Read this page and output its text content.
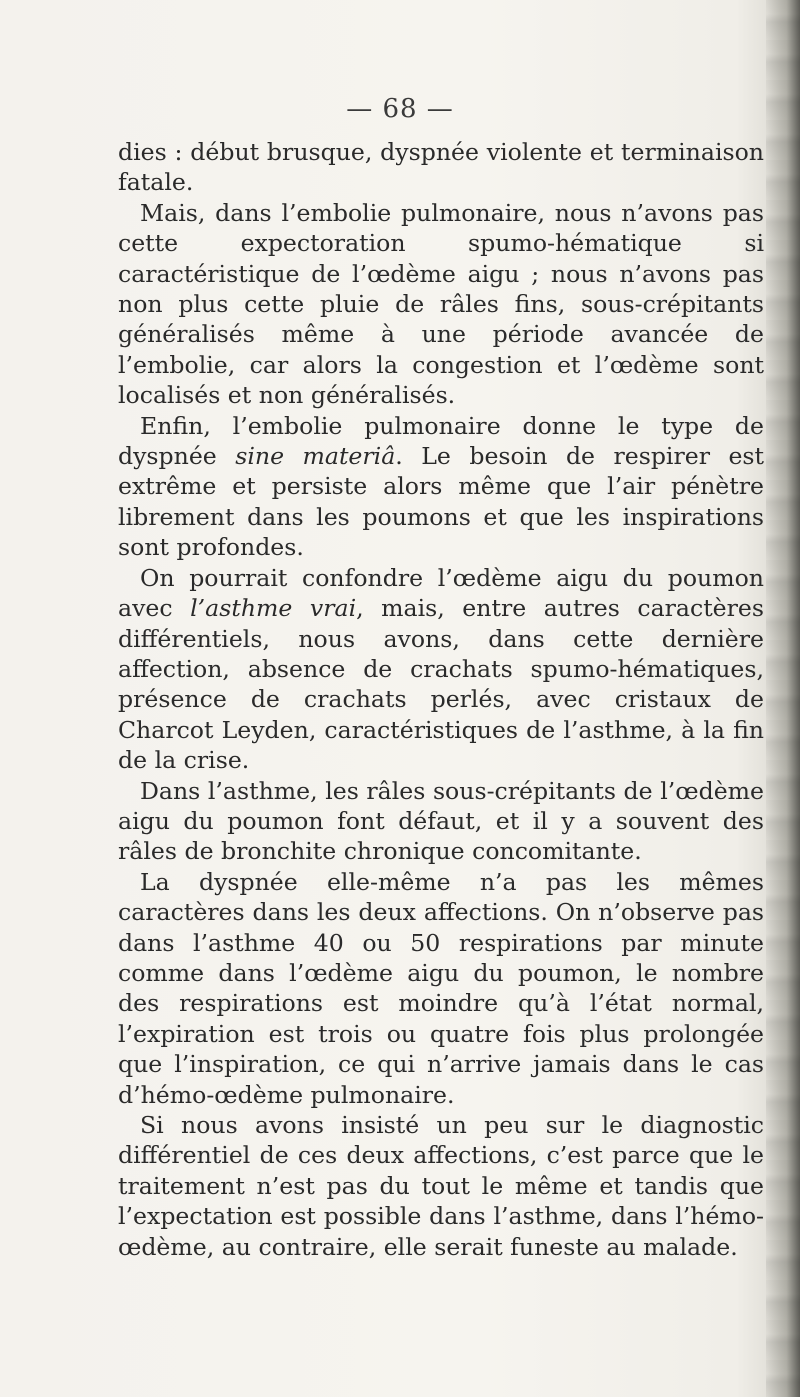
— 68 —

dies : début brusque, dyspnée violente et terminaison fatale.

Mais, dans l’embolie pulmonaire, nous n’avons pas cette expectoration spumo-hématique si caractéristique de l’œdème aigu ; nous n’avons pas non plus cette pluie de râles fins, sous-crépitants généralisés même à une période avancée de l’embolie, car alors la congestion et l’œdème sont localisés et non généralisés.

Enfin, l’embolie pulmonaire donne le type de dyspnée sine materiâ. Le besoin de respirer est extrême et persiste alors même que l’air pénètre librement dans les poumons et que les inspirations sont profondes.

On pourrait confondre l’œdème aigu du poumon avec l’asthme vrai, mais, entre autres caractères différentiels, nous avons, dans cette dernière affection, absence de crachats spumo-hématiques, présence de crachats perlés, avec cristaux de Charcot Leyden, caractéristiques de l’asthme, à la fin de la crise.

Dans l’asthme, les râles sous-crépitants de l’œdème aigu du poumon font défaut, et il y a souvent des râles de bronchite chronique concomitante.

La dyspnée elle-même n’a pas les mêmes caractères dans les deux affections. On n’observe pas dans l’asthme 40 ou 50 respirations par minute comme dans l’œdème aigu du poumon, le nombre des respirations est moindre qu’à l’état normal, l’expiration est trois ou quatre fois plus prolongée que l’inspiration, ce qui n’arrive jamais dans le cas d’hémo-œdème pulmonaire.

Si nous avons insisté un peu sur le diagnostic différentiel de ces deux affections, c’est parce que le traitement n’est pas du tout le même et tandis que l’expectation est possible dans l’asthme, dans l’hémo-œdème, au contraire, elle serait funeste au malade.
